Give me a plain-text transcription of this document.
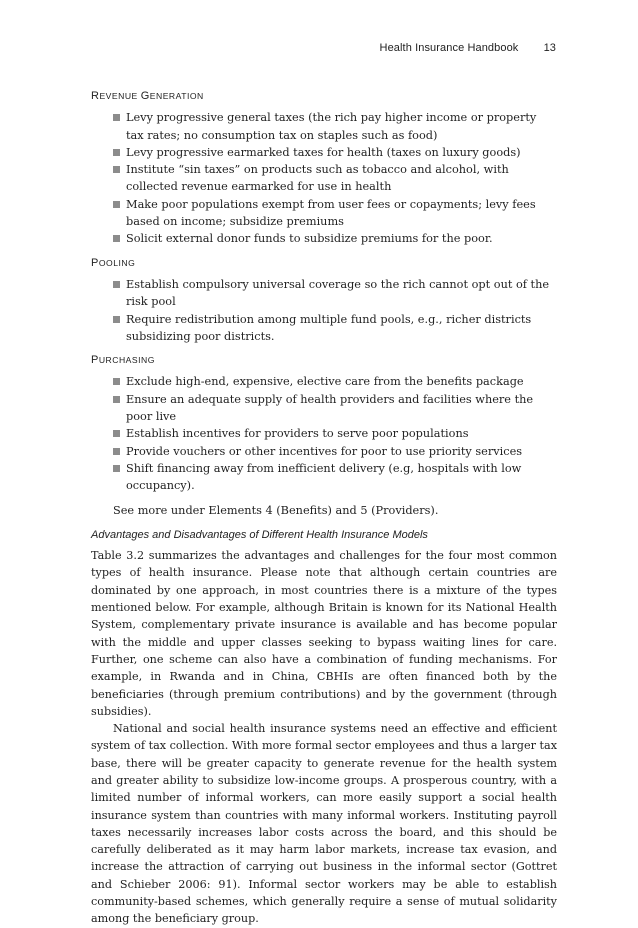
Health Insurance Handbook 13
REVENUE GENERATION
Levy progressive general taxes (the rich pay higher income or property tax rates; no consumption tax on staples such as food)
Levy progressive earmarked taxes for health (taxes on luxury goods)
Institute “sin taxes” on products such as tobacco and alcohol, with collected revenue earmarked for use in health
Make poor populations exempt from user fees or copayments; levy fees based on income; subsidize premiums
Solicit external donor funds to subsidize premiums for the poor.
POOLING
Establish compulsory universal coverage so the rich cannot opt out of the risk pool
Require redistribution among multiple fund pools, e.g., richer districts subsidizing poor districts.
PURCHASING
Exclude high-end, expensive, elective care from the benefits package
Ensure an adequate supply of health providers and facilities where the poor live
Establish incentives for providers to serve poor populations
Provide vouchers or other incentives for poor to use priority services
Shift financing away from inefficient delivery (e.g, hospitals with low occupancy).
See more under Elements 4 (Benefits) and 5 (Providers).
Advantages and Disadvantages of Different Health Insurance Models

Table 3.2 summarizes the advantages and challenges for the four most common types of health insurance. Please note that although certain countries are dominated by one approach, in most countries there is a mixture of the types mentioned below. For example, although Britain is known for its National Health System, complementary private insurance is available and has become popular with the middle and upper classes seeking to bypass waiting lines for care. Further, one scheme can also have a combination of funding mechanisms. For example, in Rwanda and in China, CBHIs are often financed both by the beneficiaries (through premium contributions) and by the government (through subsidies).

National and social health insurance systems need an effective and efficient system of tax collection. With more formal sector employees and thus a larger tax base, there will be greater capacity to generate revenue for the health system and greater ability to subsidize low-income groups. A prosperous country, with a limited number of informal workers, can more easily support a social health insurance system than countries with many informal workers. Instituting payroll taxes necessarily increases labor costs across the board, and this should be carefully deliberated as it may harm labor markets, increase tax evasion, and increase the attraction of carrying out business in the informal sector (Gottret and Schieber 2006: 91). Informal sector workers may be able to establish community-based schemes, which generally require a sense of mutual solidarity among the beneficiary group.
